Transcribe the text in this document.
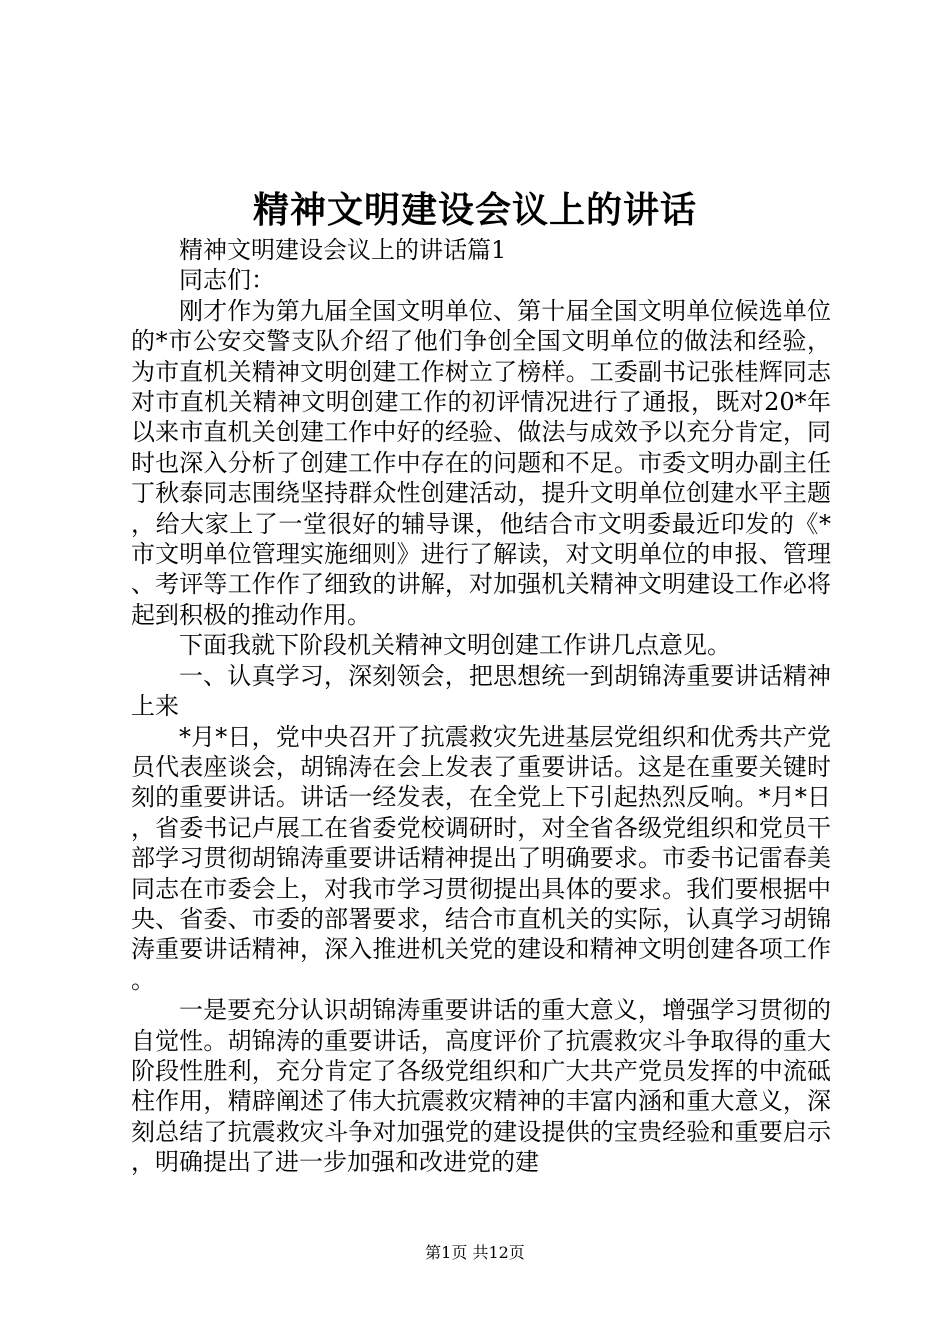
精神文明建设会议上的讲话

精神文明建设会议上的讲话篇1

同志们：

刚才作为第九届全国文明单位、第十届全国文明单位候选单位的*市公安交警支队介绍了他们争创全国文明单位的做法和经验，为市直机关精神文明创建工作树立了榜样。工委副书记张桂辉同志对市直机关精神文明创建工作的初评情况进行了通报，既对20*年以来市直机关创建工作中好的经验、做法与成效予以充分肯定，同时也深入分析了创建工作中存在的问题和不足。市委文明办副主任丁秋泰同志围绕坚持群众性创建活动，提升文明单位创建水平主题，给大家上了一堂很好的辅导课，他结合市文明委最近印发的《*市文明单位管理实施细则》进行了解读，对文明单位的申报、管理、考评等工作作了细致的讲解，对加强机关精神文明建设工作必将起到积极的推动作用。

下面我就下阶段机关精神文明创建工作讲几点意见。

一、认真学习，深刻领会，把思想统一到胡锦涛重要讲话精神上来

*月*日，党中央召开了抗震救灾先进基层党组织和优秀共产党员代表座谈会，胡锦涛在会上发表了重要讲话。这是在重要关键时刻的重要讲话。讲话一经发表，在全党上下引起热烈反响。*月*日，省委书记卢展工在省委党校调研时，对全省各级党组织和党员干部学习贯彻胡锦涛重要讲话精神提出了明确要求。市委书记雷春美同志在市委会上，对我市学习贯彻提出具体的要求。我们要根据中央、省委、市委的部署要求，结合市直机关的实际，认真学习胡锦涛重要讲话精神，深入推进机关党的建设和精神文明创建各项工作。

一是要充分认识胡锦涛重要讲话的重大意义，增强学习贯彻的自觉性。胡锦涛的重要讲话，高度评价了抗震救灾斗争取得的重大阶段性胜利，充分肯定了各级党组织和广大共产党员发挥的中流砥柱作用，精辟阐述了伟大抗震救灾精神的丰富内涵和重大意义，深刻总结了抗震救灾斗争对加强党的建设提供的宝贵经验和重要启示，明确提出了进一步加强和改进党的建

第1页 共12页
